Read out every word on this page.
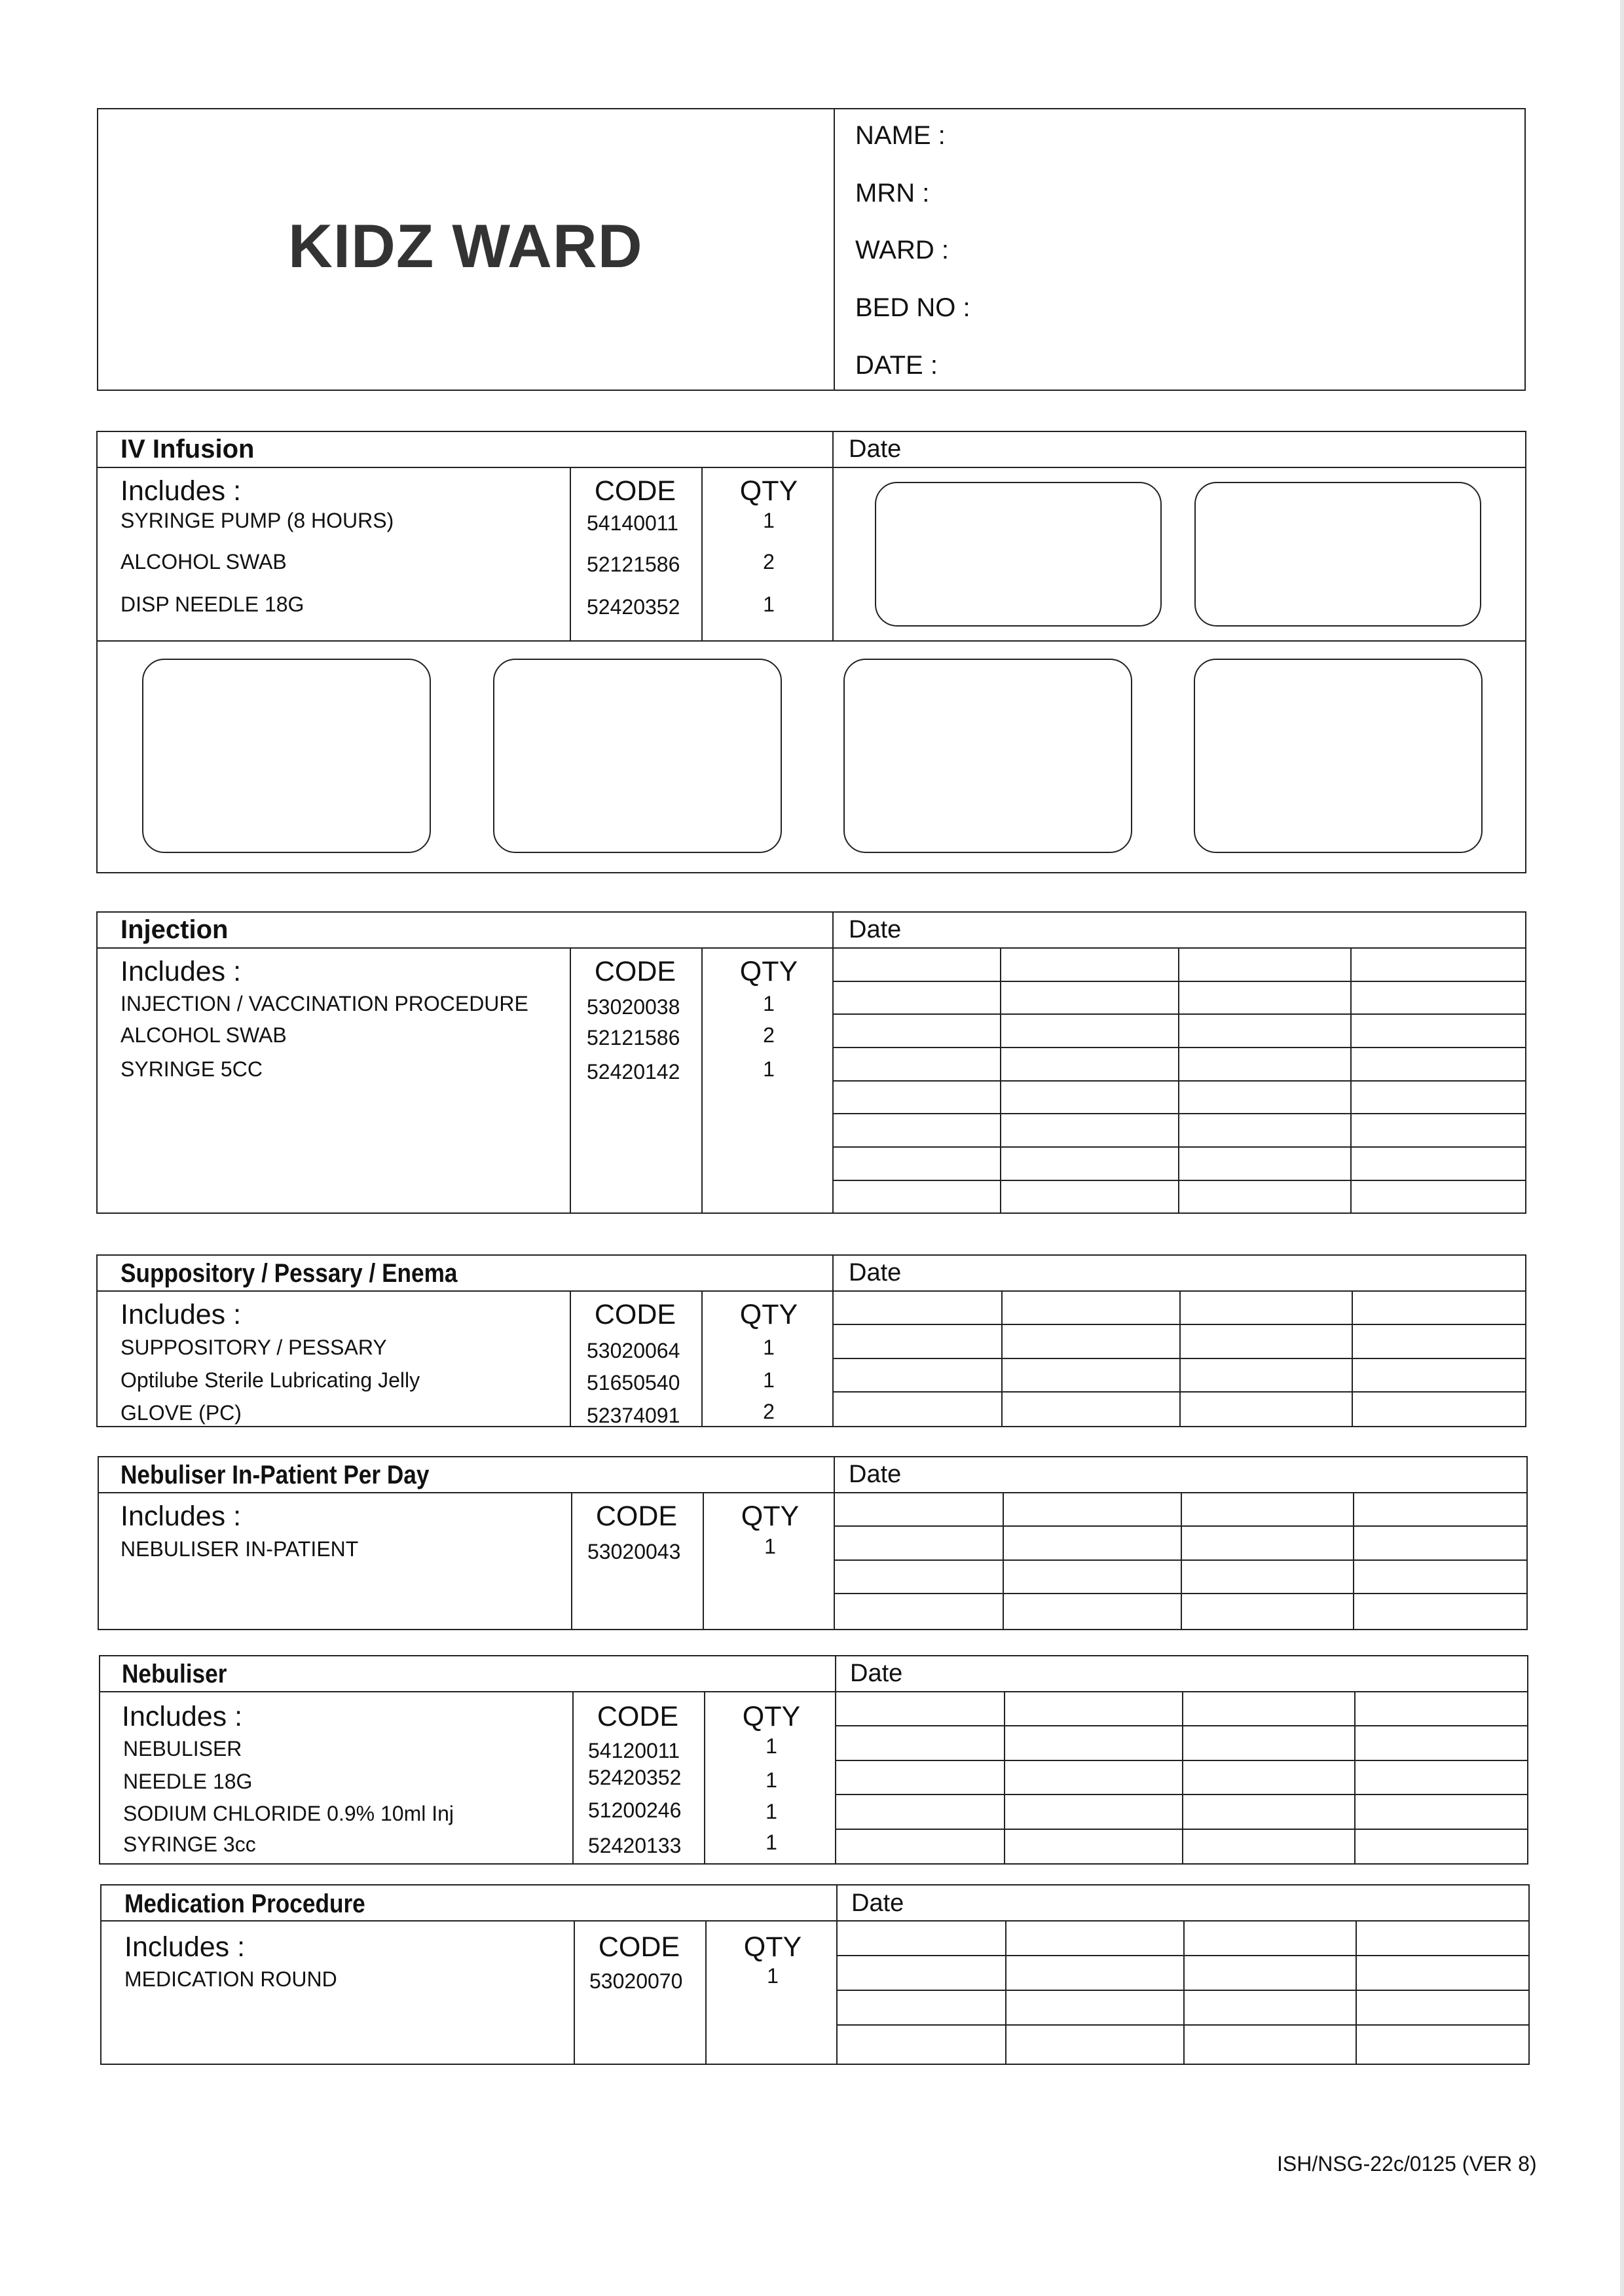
KIDZ WARD
NAME :
MRN :
WARD :
BED NO :
DATE :
IV Infusion	Date
Includes :	CODE	QTY
SYRINGE PUMP (8 HOURS)	54140011	1
ALCOHOL SWAB	52121586	2
DISP NEEDLE 18G	52420352	1
Injection	Date
Includes :	CODE	QTY
INJECTION / VACCINATION PROCEDURE	53020038	1
ALCOHOL SWAB	52121586	2
SYRINGE 5CC	52420142	1
Suppository / Pessary / Enema	Date
Includes :	CODE	QTY
SUPPOSITORY / PESSARY	53020064	1
Optilube Sterile Lubricating Jelly	51650540	1
GLOVE (PC)	52374091	2
Nebuliser In-Patient Per Day	Date
Includes :	CODE	QTY
NEBULISER IN-PATIENT	53020043	1
Nebuliser	Date
Includes :	CODE	QTY
NEBULISER	54120011	1
NEEDLE 18G	52420352	1
SODIUM CHLORIDE 0.9% 10ml Inj	51200246	1
SYRINGE 3cc	52420133	1
Medication Procedure	Date
Includes :	CODE	QTY
MEDICATION ROUND	53020070	1
ISH/NSG-22c/0125 (VER 8)
